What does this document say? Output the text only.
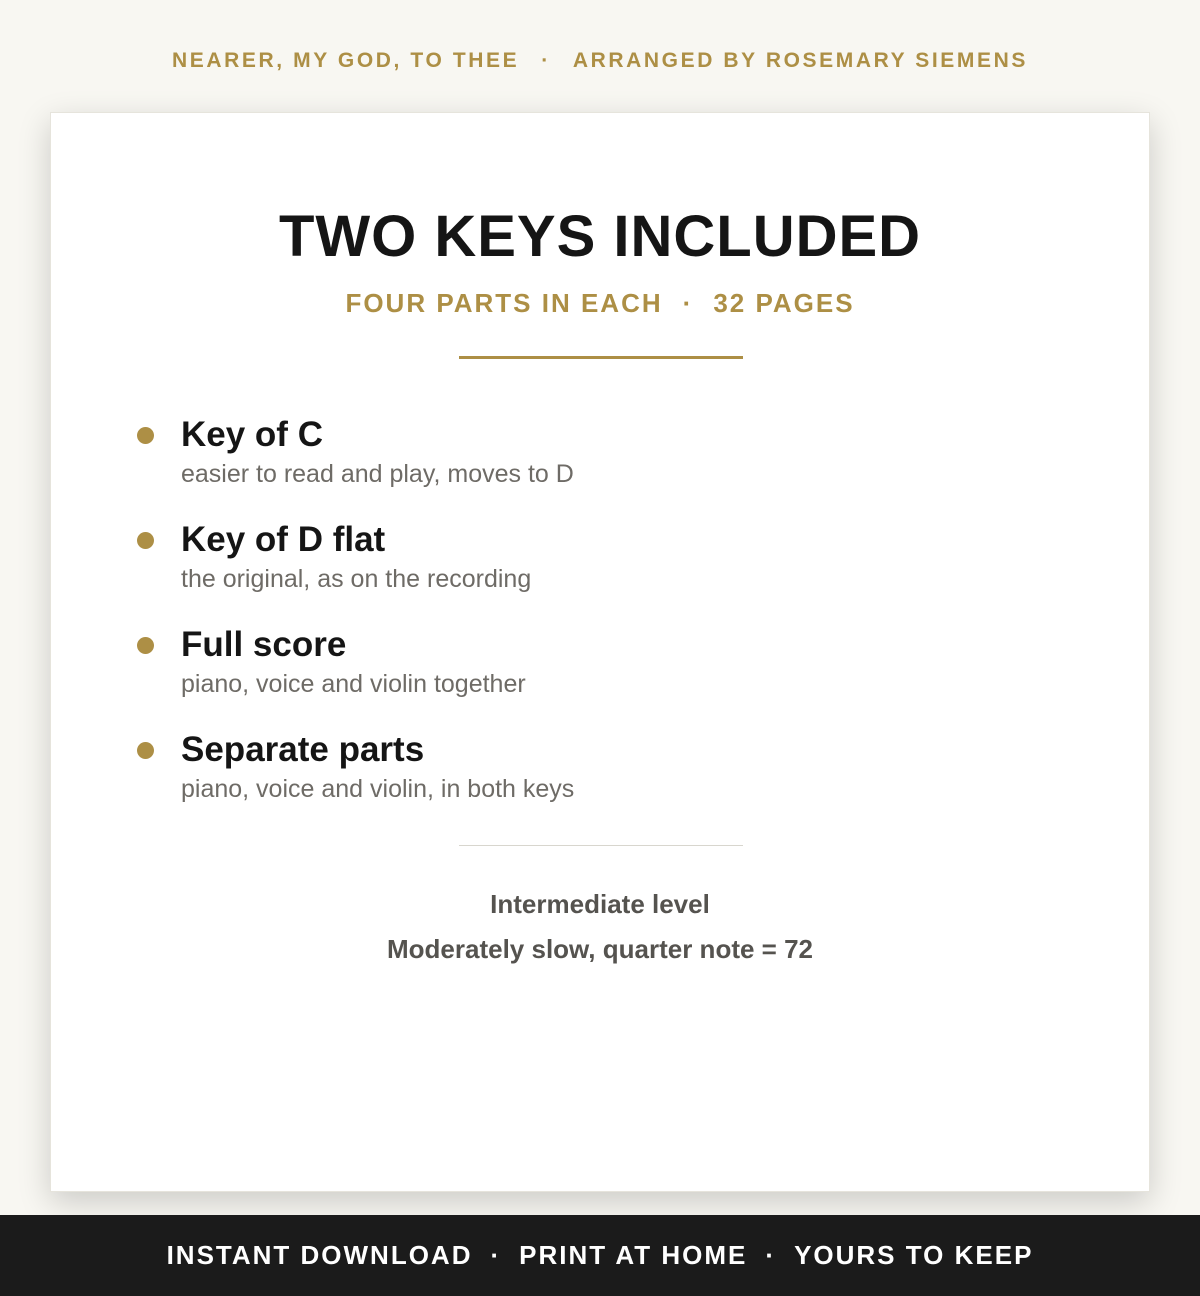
NEARER, MY GOD, TO THEE · ARRANGED BY ROSEMARY SIEMENS
TWO KEYS INCLUDED
FOUR PARTS IN EACH · 32 PAGES
Key of C
easier to read and play, moves to D
Key of D flat
the original, as on the recording
Full score
piano, voice and violin together
Separate parts
piano, voice and violin, in both keys
Intermediate level
Moderately slow, quarter note = 72
INSTANT DOWNLOAD · PRINT AT HOME · YOURS TO KEEP
